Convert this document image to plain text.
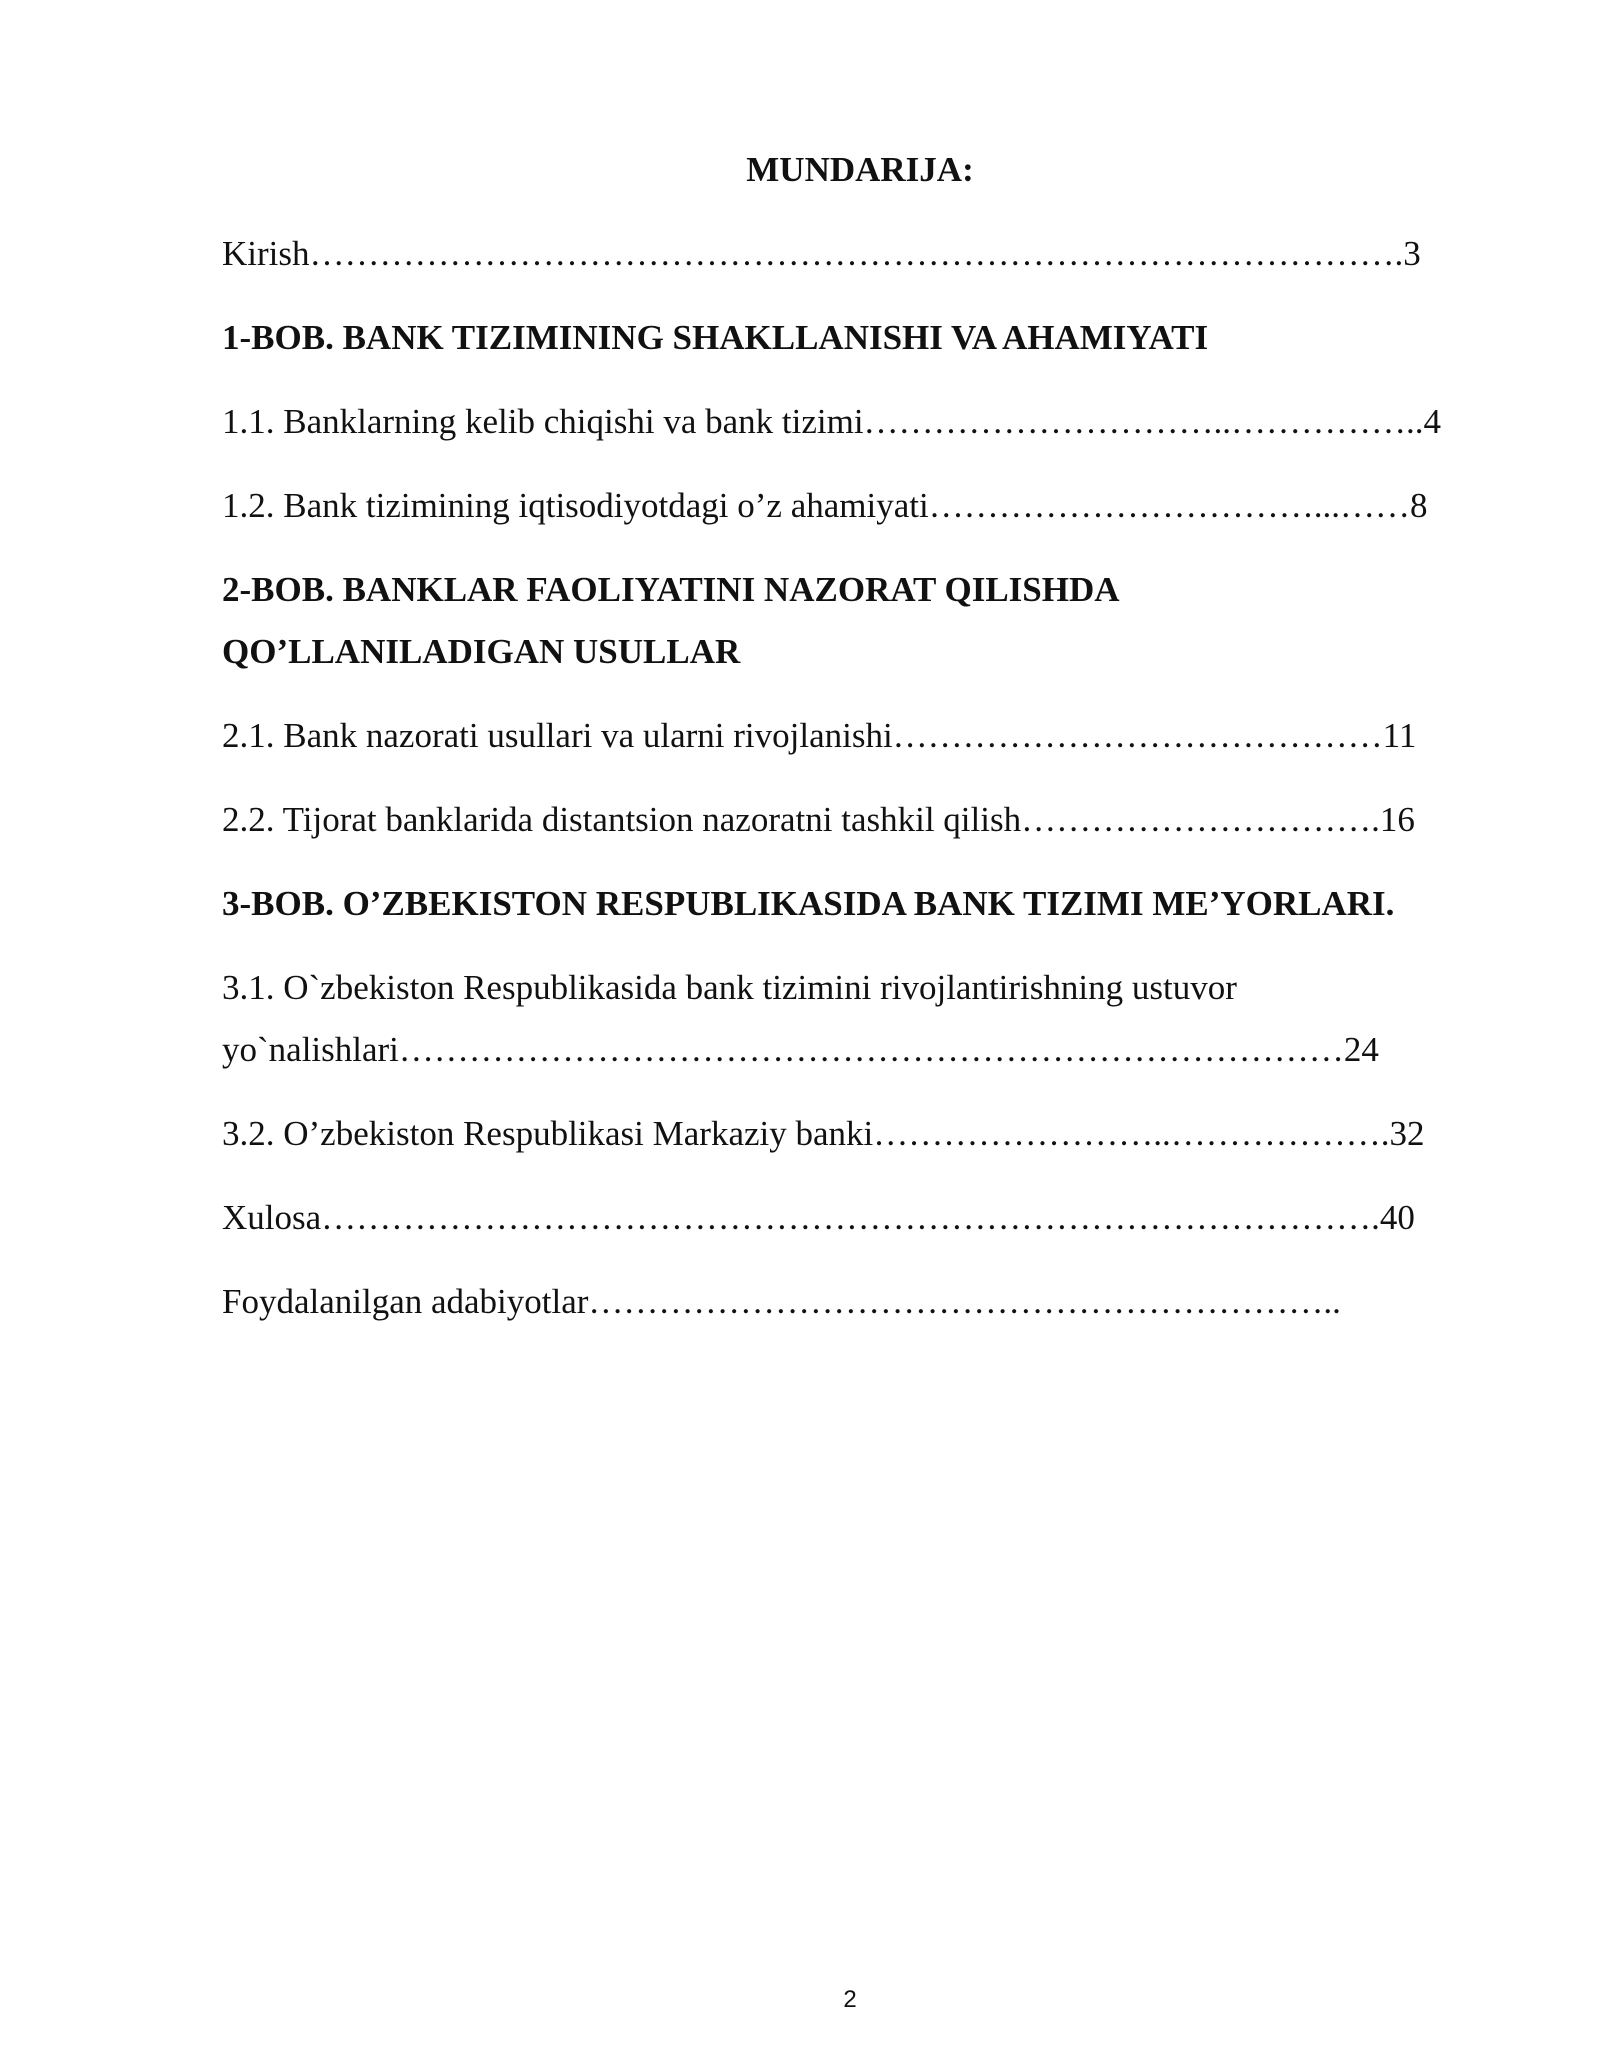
MUNDARIJA:

Kirish………………………………………………………………………………….3

1-BOB. BANK TIZIMINING SHAKLLANISHI VA AHAMIYATI

1.1. Banklarning kelib chiqishi va bank tizimi…………………………..……………..4

1.2. Bank tizimining iqtisodiyotdagi o’z ahamiyati……………………………...……8

2-BOB. BANKLAR FAOLIYATINI NAZORAT QILISHDA

QO’LLANILADIGAN USULLAR

2.1. Bank nazorati usullari va ularni rivojlanishi……………………………………11

2.2. Tijorat banklarida distantsion nazoratni tashkil qilish………………………….16

3-BOB. O’ZBEKISTON RESPUBLIKASIDA BANK TIZIMI ME’YORLARI.

3.1. O`zbekiston Respublikasida bank tizimini rivojlantirishning ustuvor

yo`nalishlari………………………………………………………………………24

3.2. O’zbekiston Respublikasi Markaziy banki……………………..……………….32

Xulosa……………………………………………………………………………….40

Foydalanilgan adabiyotlar………………………………………………………..

2
